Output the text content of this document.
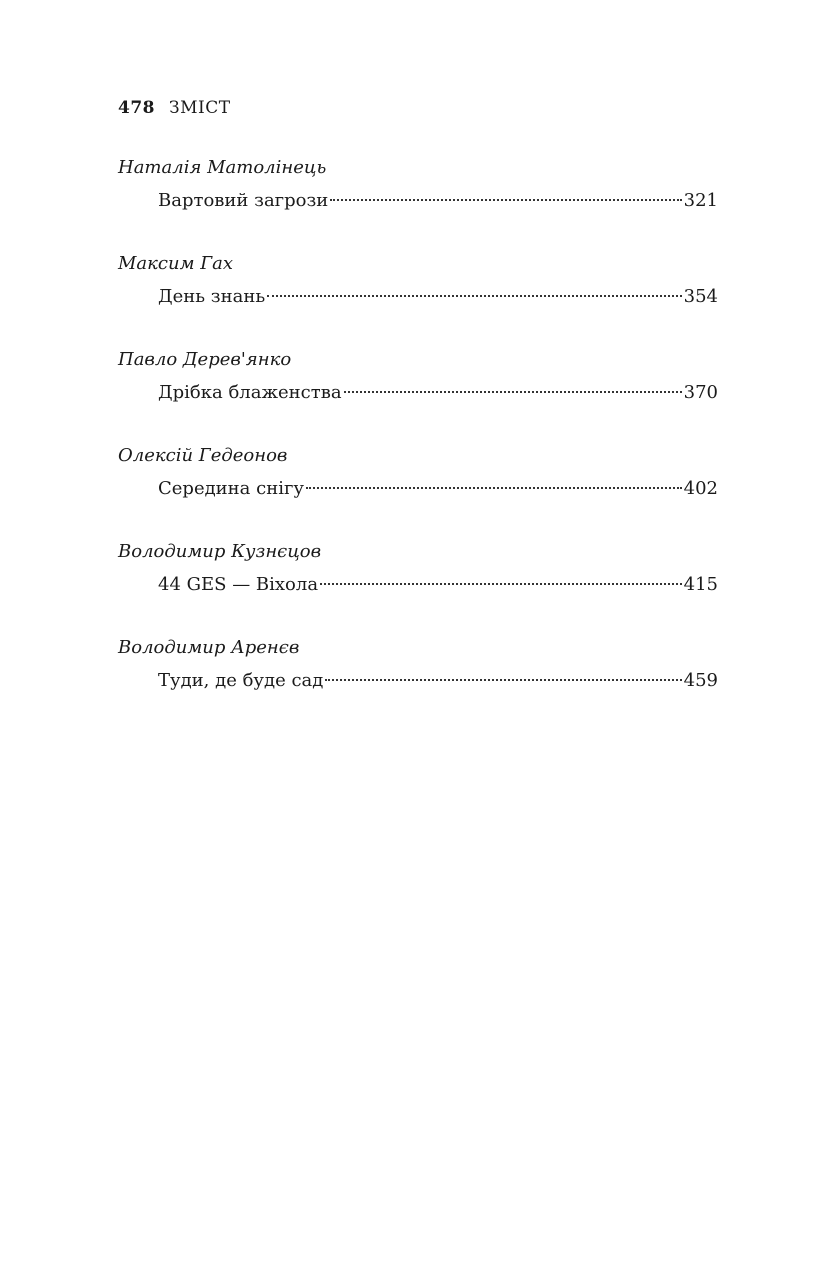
478 ЗМІСТ
Наталія Матолінець
Вартовий загрози	321
Максим Гах
День знань	354
Павло Дерев'янко
Дрібка блаженства	370
Олексій Гедеонов
Середина снігу	402
Володимир Кузнєцов
44 GES — Віхола	415
Володимир Аренєв
Туди, де буде сад	459
